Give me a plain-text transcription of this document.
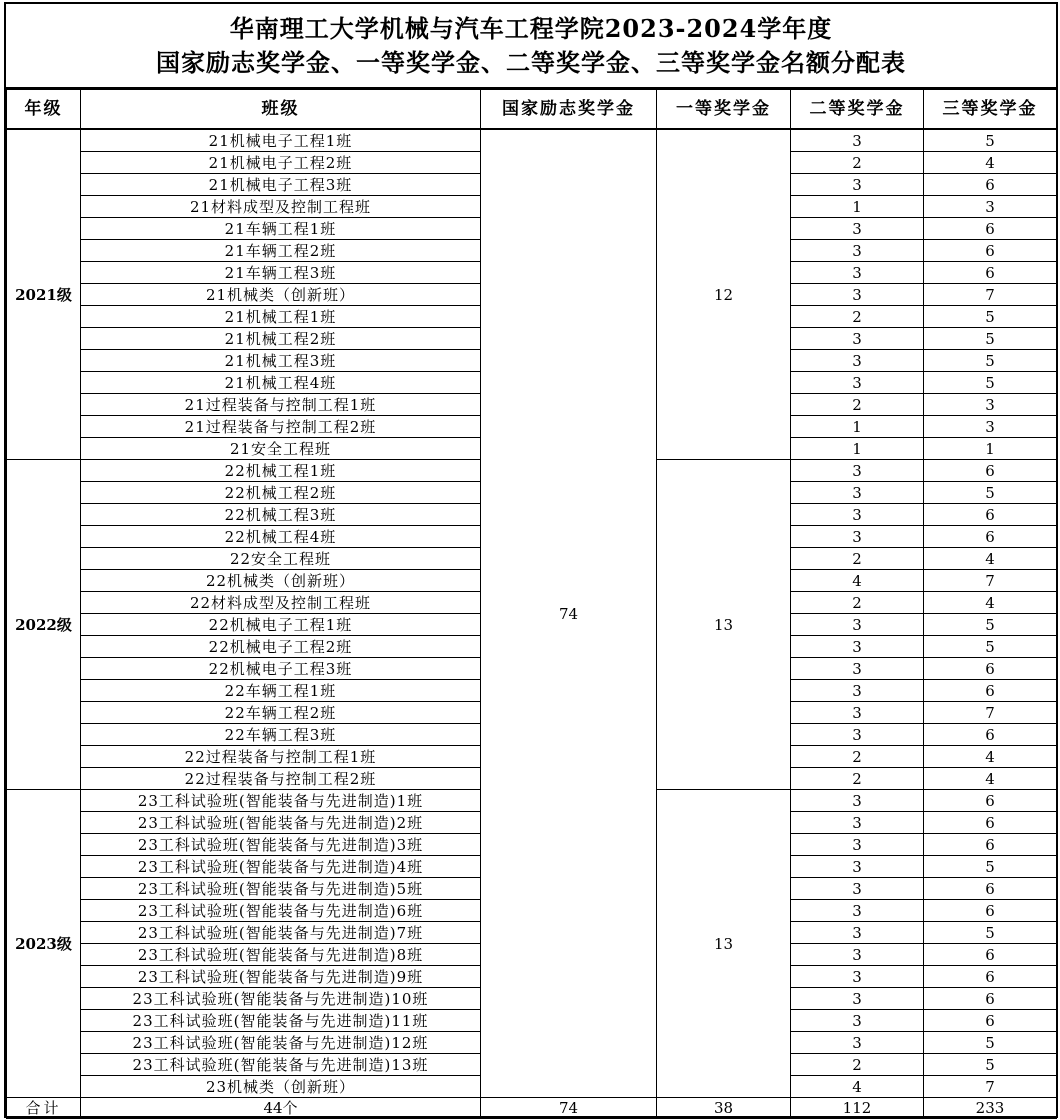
华南理工大学机械与汽车工程学院2023-2024学年度
国家励志奖学金、一等奖学金、二等奖学金、三等奖学金名额分配表
年级	班级	国家励志奖学金	一等奖学金	二等奖学金	三等奖学金
2021级	21机械电子工程1班	74	12	3	5
	21机械电子工程2班			2	4
	21机械电子工程3班			3	6
	21材料成型及控制工程班			1	3
	21车辆工程1班			3	6
	21车辆工程2班			3	6
	21车辆工程3班			3	6
	21机械类（创新班）			3	7
	21机械工程1班			2	5
	21机械工程2班			3	5
	21机械工程3班			3	5
	21机械工程4班			3	5
	21过程装备与控制工程1班			2	3
	21过程装备与控制工程2班			1	3
	21安全工程班			1	1
2022级	22机械工程1班		13	3	6
	22机械工程2班			3	5
	22机械工程3班			3	6
	22机械工程4班			3	6
	22安全工程班			2	4
	22机械类（创新班）			4	7
	22材料成型及控制工程班			2	4
	22机械电子工程1班			3	5
	22机械电子工程2班			3	5
	22机械电子工程3班			3	6
	22车辆工程1班			3	6
	22车辆工程2班			3	7
	22车辆工程3班			3	6
	22过程装备与控制工程1班			2	4
	22过程装备与控制工程2班			2	4
2023级	23工科试验班(智能装备与先进制造)1班		13	3	6
	23工科试验班(智能装备与先进制造)2班			3	6
	23工科试验班(智能装备与先进制造)3班			3	6
	23工科试验班(智能装备与先进制造)4班			3	5
	23工科试验班(智能装备与先进制造)5班			3	6
	23工科试验班(智能装备与先进制造)6班			3	6
	23工科试验班(智能装备与先进制造)7班			3	5
	23工科试验班(智能装备与先进制造)8班			3	6
	23工科试验班(智能装备与先进制造)9班			3	6
	23工科试验班(智能装备与先进制造)10班			3	6
	23工科试验班(智能装备与先进制造)11班			3	6
	23工科试验班(智能装备与先进制造)12班			3	5
	23工科试验班(智能装备与先进制造)13班			2	5
	23机械类（创新班）			4	7
合计	44个	74	38	112	233
